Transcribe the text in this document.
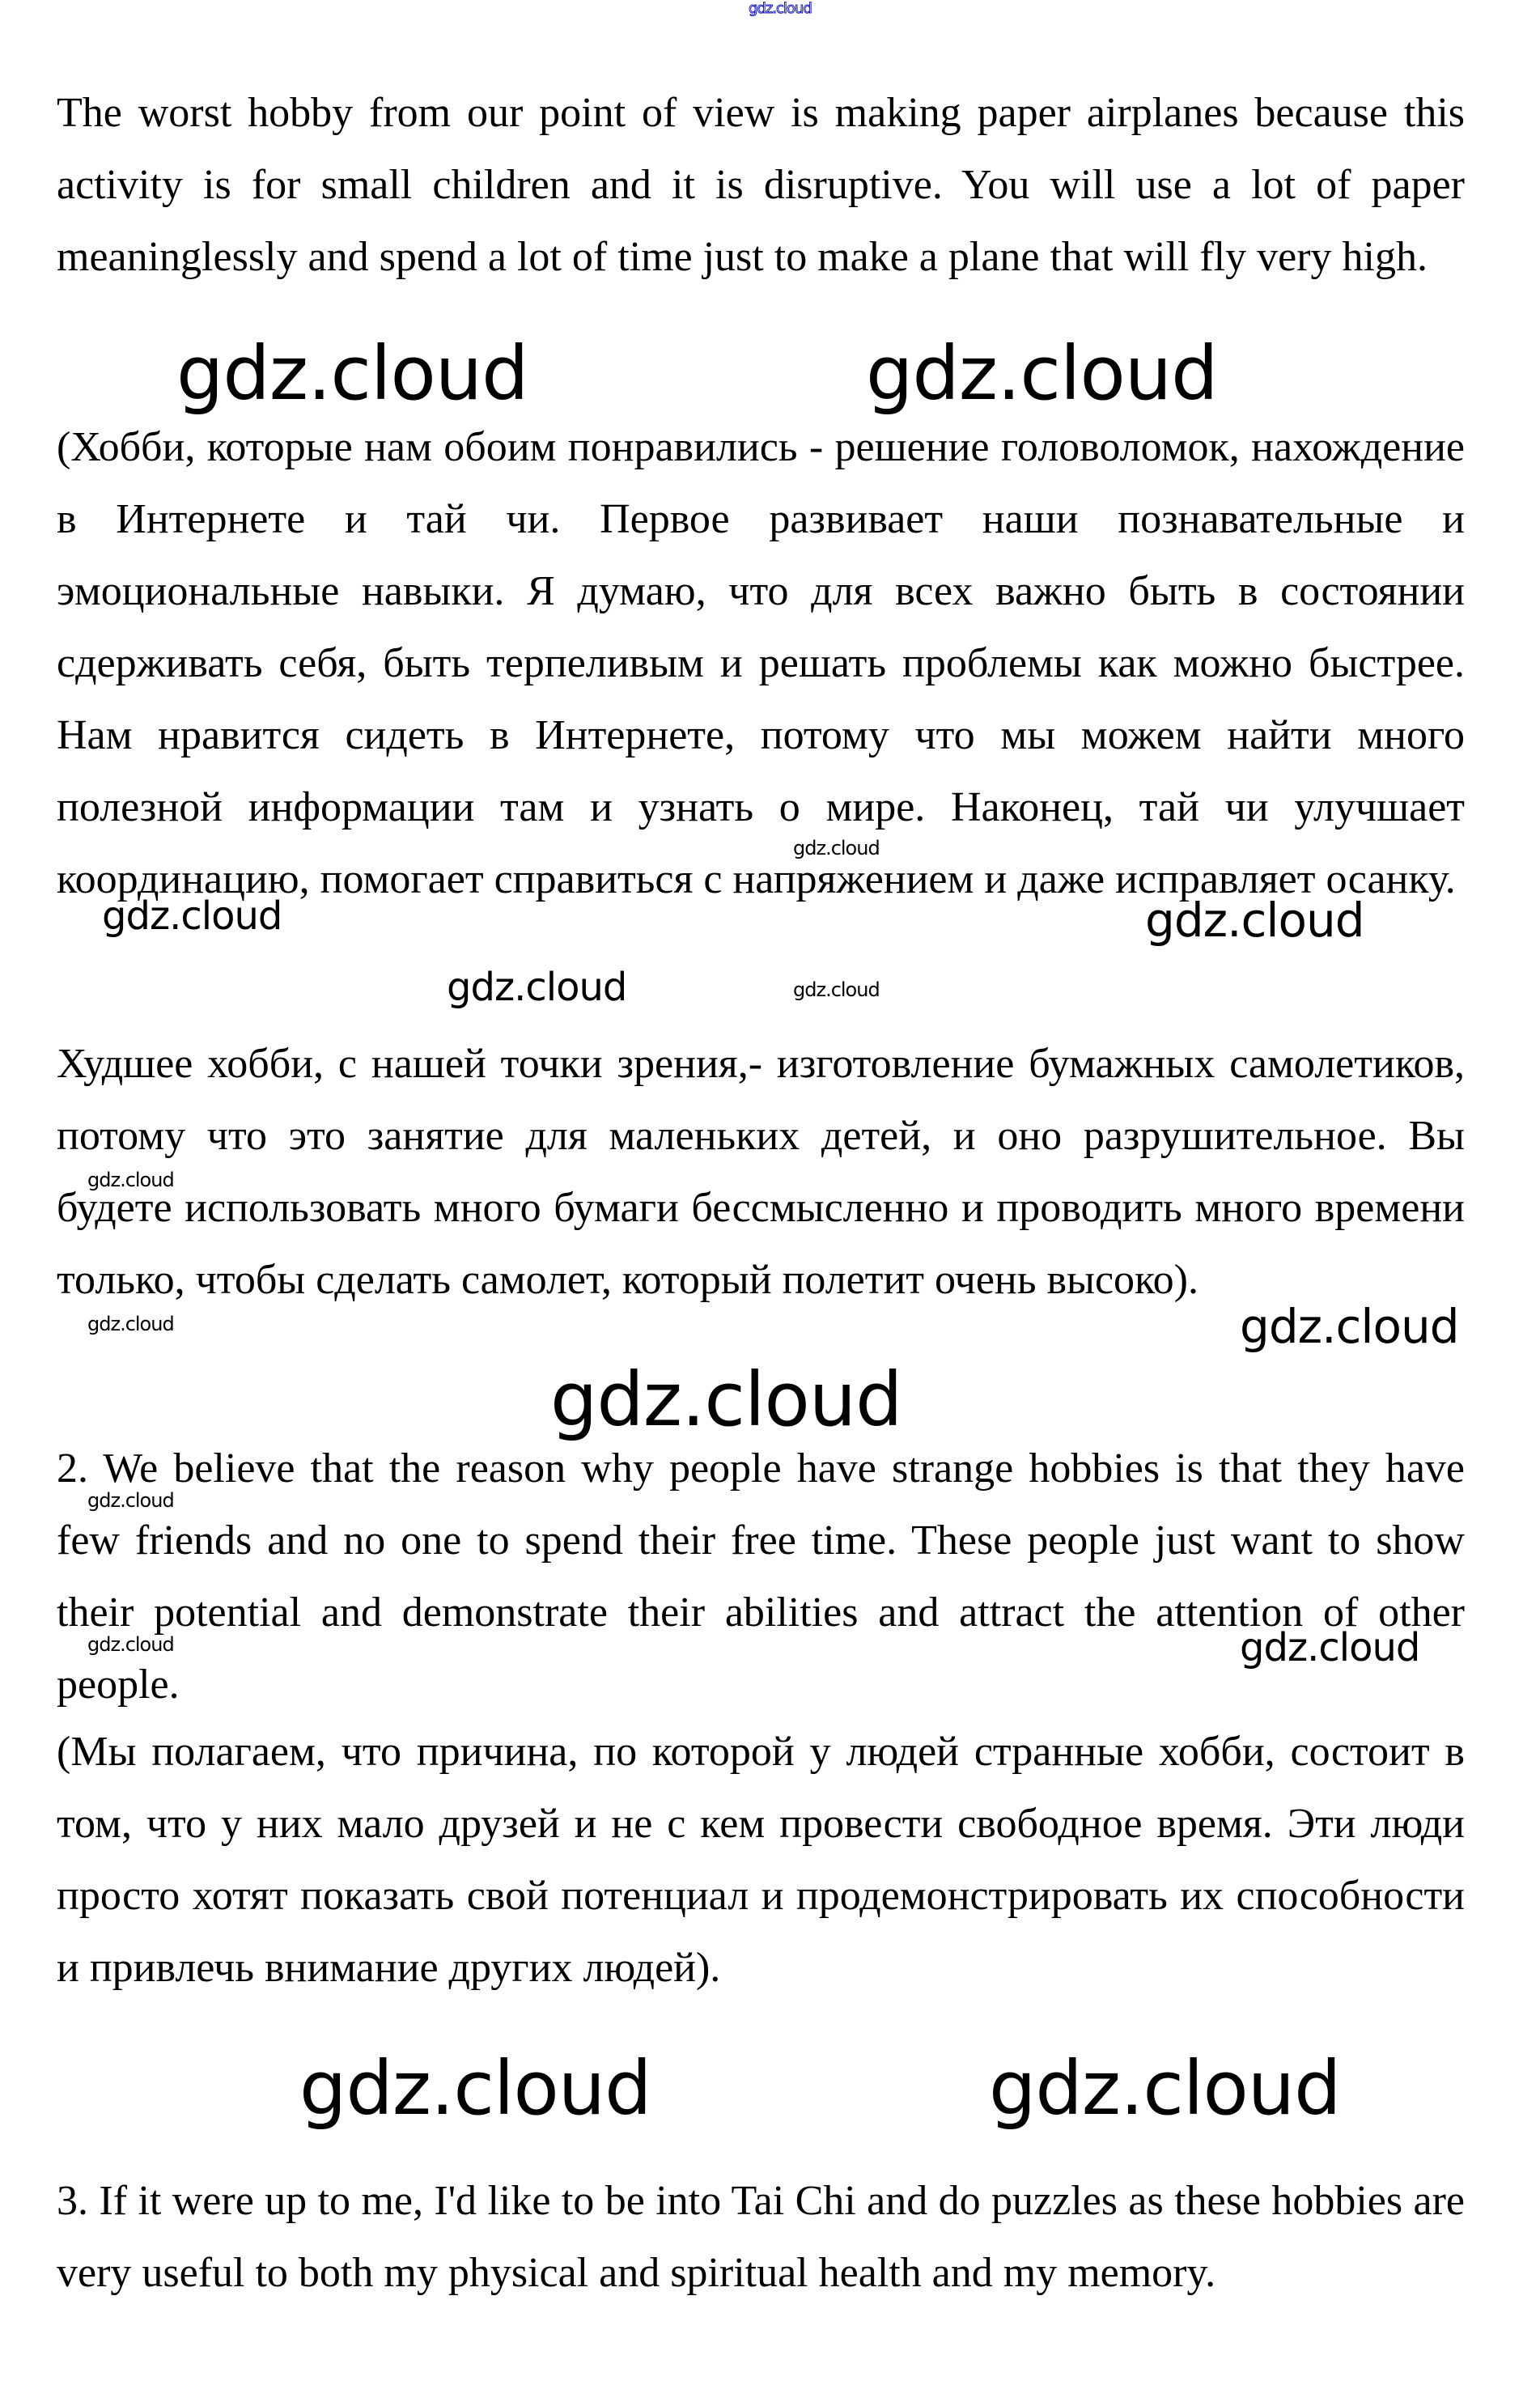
gdz.cloud

The worst hobby from our point of view is making paper airplanes because this activity is for small children and it is disruptive. You will use a lot of paper meaninglessly and spend a lot of time just to make a plane that will fly very high.

(Хобби, которые нам обоим понравились - решение головоломок, нахождение в Интернете и тай чи. Первое развивает наши познавательные и эмоциональные навыки. Я думаю, что для всех важно быть в состоянии сдерживать себя, быть терпеливым и решать проблемы как можно быстрее. Нам нравится сидеть в Интернете, потому что мы можем найти много полезной информации там и узнать о мире. Наконец, тай чи улучшает координацию, помогает справиться с напряжением и даже исправляет осанку.

Худшее хобби, с нашей точки зрения,- изготовление бумажных самолетиков, потому что это занятие для маленьких детей, и оно разрушительное. Вы будете использовать много бумаги бессмысленно и проводить много времени только, чтобы сделать самолет, который полетит очень высоко).

2. We believe that the reason why people have strange hobbies is that they have few friends and no one to spend their free time. These people just want to show their potential and demonstrate their abilities and attract the attention of other people.

(Мы полагаем, что причина, по которой у людей странные хобби, состоит в том, что у них мало друзей и не с кем провести свободное время. Эти люди просто хотят показать свой потенциал и продемонстрировать их способности и привлечь внимание других людей).

3. If it were up to me, I'd like to be into Tai Chi and do puzzles as these hobbies are very useful to both my physical and spiritual health and my memory.

gdz.cloud	gdz.cloud
gdz.cloud
gdz.cloud	gdz.cloud
gdz.cloud	gdz.cloud
gdz.cloud
gdz.cloud
gdz.cloud
gdz.cloud
gdz.cloud
gdz.cloud
gdz.cloud
gdz.cloud	gdz.cloud
